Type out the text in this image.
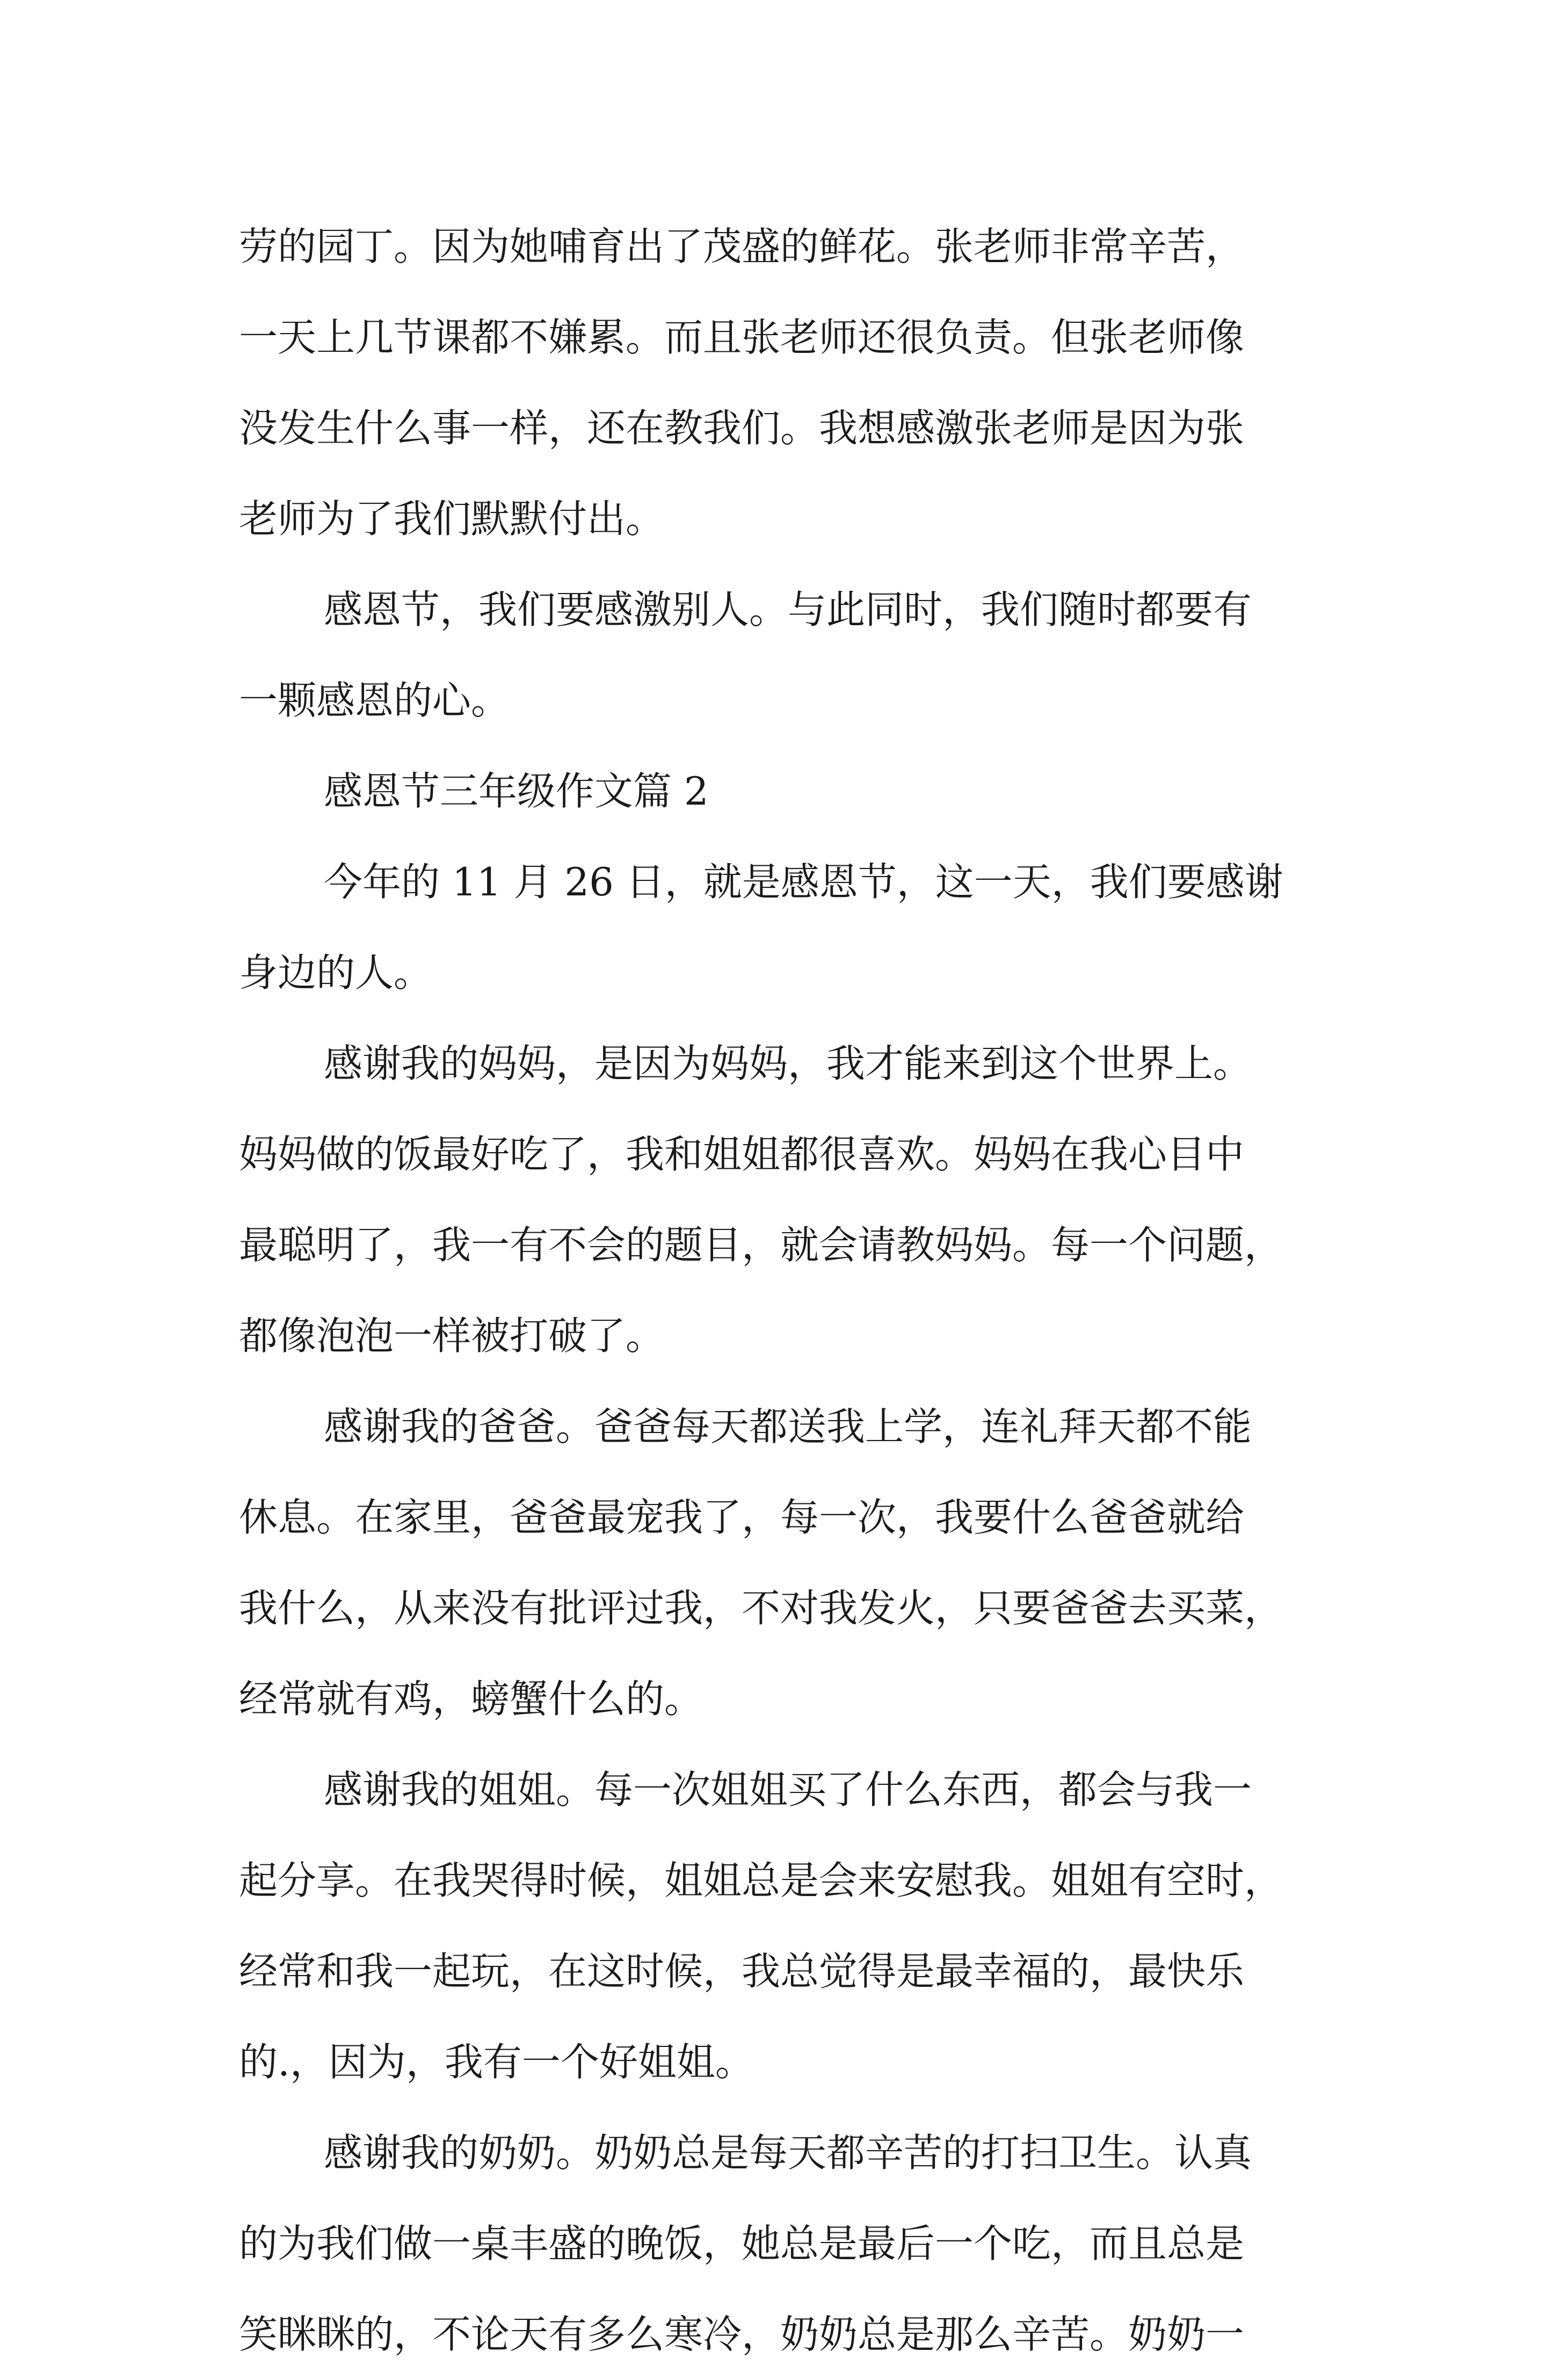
劳的园丁。因为她哺育出了茂盛的鲜花。张老师非常辛苦，
一天上几节课都不嫌累。而且张老师还很负责。但张老师像
没发生什么事一样，还在教我们。我想感激张老师是因为张
老师为了我们默默付出。
感恩节，我们要感激别人。与此同时，我们随时都要有
一颗感恩的心。
感恩节三年级作文篇 2
今年的 11 月 26 日，就是感恩节，这一天，我们要感谢
身边的人。
感谢我的妈妈，是因为妈妈，我才能来到这个世界上。
妈妈做的饭最好吃了，我和姐姐都很喜欢。妈妈在我心目中
最聪明了，我一有不会的题目，就会请教妈妈。每一个问题，
都像泡泡一样被打破了。
感谢我的爸爸。爸爸每天都送我上学，连礼拜天都不能
休息。在家里，爸爸最宠我了，每一次，我要什么爸爸就给
我什么，从来没有批评过我，不对我发火，只要爸爸去买菜，
经常就有鸡，螃蟹什么的。
感谢我的姐姐。每一次姐姐买了什么东西，都会与我一
起分享。在我哭得时候，姐姐总是会来安慰我。姐姐有空时，
经常和我一起玩，在这时候，我总觉得是最幸福的，最快乐
的.，因为，我有一个好姐姐。
感谢我的奶奶。奶奶总是每天都辛苦的打扫卫生。认真
的为我们做一桌丰盛的晚饭，她总是最后一个吃，而且总是
笑眯眯的，不论天有多么寒冷，奶奶总是那么辛苦。奶奶一
